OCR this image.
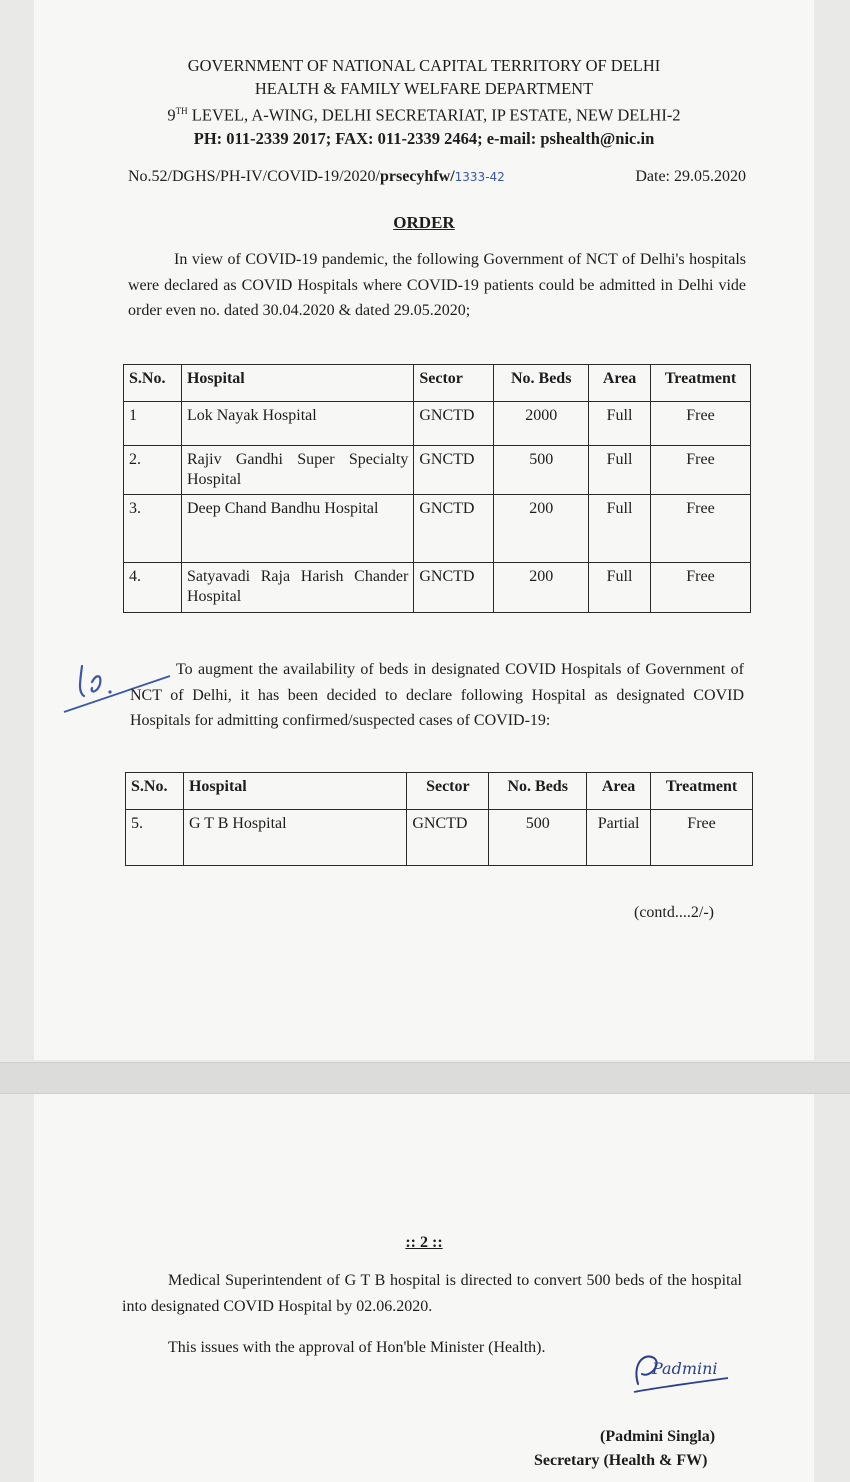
GOVERNMENT OF NATIONAL CAPITAL TERRITORY OF DELHI
HEALTH & FAMILY WELFARE DEPARTMENT
9TH LEVEL, A-WING, DELHI SECRETARIAT, IP ESTATE, NEW DELHI-2
PH: 011-2339 2017; FAX: 011-2339 2464; e-mail: pshealth@nic.in
No.52/DGHS/PH-IV/COVID-19/2020/prsecyhfw/1333-42	Date: 29.05.2020
ORDER
In view of COVID-19 pandemic, the following Government of NCT of Delhi's hospitals were declared as COVID Hospitals where COVID-19 patients could be admitted in Delhi vide order even no. dated 30.04.2020 & dated 29.05.2020;
S.No.	Hospital	Sector	No. Beds	Area	Treatment
1	Lok Nayak Hospital	GNCTD	2000	Full	Free
2.	Rajiv Gandhi Super Specialty Hospital	GNCTD	500	Full	Free
3.	Deep Chand Bandhu Hospital	GNCTD	200	Full	Free
4.	Satyavadi Raja Harish Chander Hospital	GNCTD	200	Full	Free
To augment the availability of beds in designated COVID Hospitals of Government of NCT of Delhi, it has been decided to declare following Hospital as designated COVID Hospitals for admitting confirmed/suspected cases of COVID-19:
S.No.	Hospital	Sector	No. Beds	Area	Treatment
5.	G T B Hospital	GNCTD	500	Partial	Free
(contd....2/-)
:: 2 ::
Medical Superintendent of G T B hospital is directed to convert 500 beds of the hospital into designated COVID Hospital by 02.06.2020.
This issues with the approval of Hon'ble Minister (Health).
Padmini
(Padmini Singla)
Secretary (Health & FW)
